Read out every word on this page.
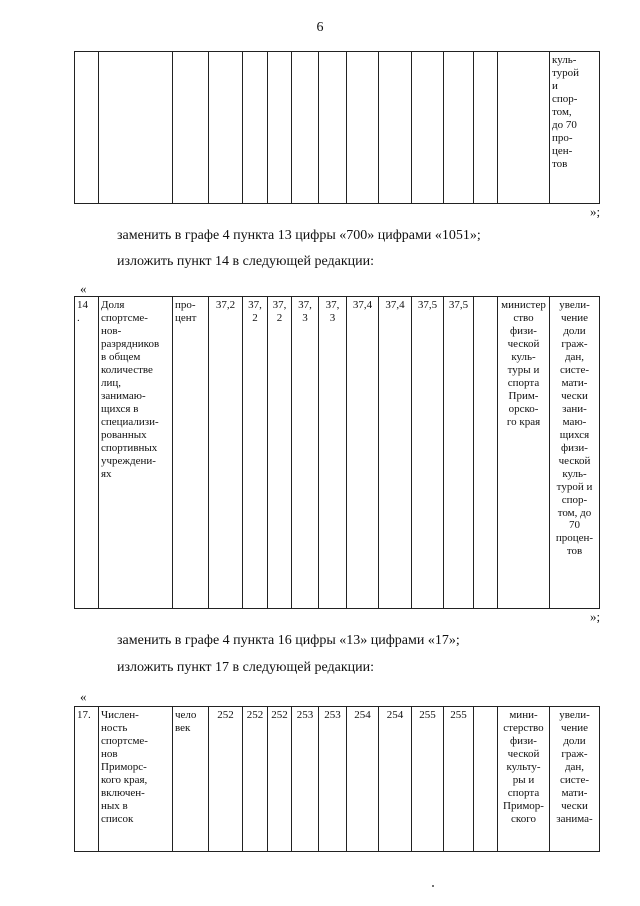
6
														куль-
турой
и
спор-
том,
до 70
про-
цен-
тов
»;
заменить в графе 4 пункта 13 цифры «700» цифрами «1051»;
изложить пункт 14 в следующей редакции:
«
14
.	Доля
спортсме-
нов-
разрядников
в общем
количестве
лиц,
занимаю-
щихся в
специализи-
рованных
спортивных
учреждени-
ях	про-
цент	37,2	37,
2	37,
2	37,
3	37,
3	37,4	37,4	37,5	37,5		министерство
физи-
ческой
куль-
туры и
спорта
Прим-
орско-
го края	увели-
чение
доли
граж-
дан,
систе-
мати-
чески
зани-
маю-
щихся
физи-
ческой
куль-
турой и
спор-
том, до
70
процен-
тов
»;
заменить в графе 4 пункта 16 цифры «13» цифрами «17»;
изложить пункт 17 в следующей редакции:
«
17.	Числен-
ность
спортсме-
нов
Приморс-
кого края,
включен-
ных в
список	чело
век	252	252	252	253	253	254	254	255	255		мини-
стерство
физи-
ческой
культу-
ры и
спорта
Примор-
ского	увели-
чение
доли
граж-
дан,
систе-
мати-
чески
занима-
